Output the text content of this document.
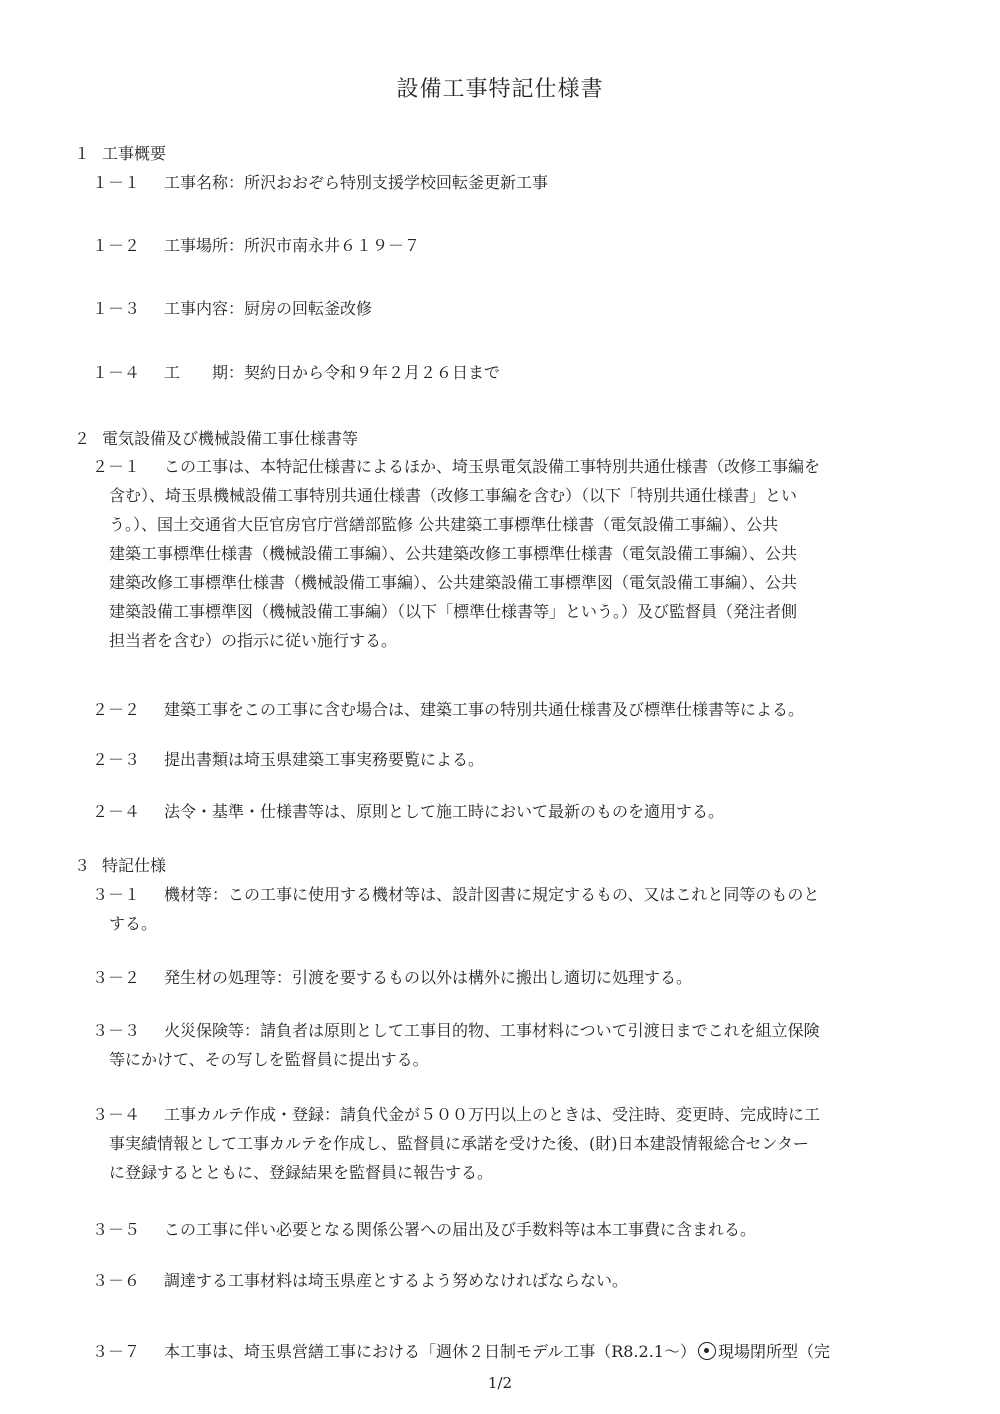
設備工事特記仕様書
１ 工事概要
１－１ 工事名称：所沢おおぞら特別支援学校回転釜更新工事
１－２ 工事場所：所沢市南永井６１９－７
１－３ 工事内容：厨房の回転釜改修
１－４ 工　　期：契約日から令和９年２月２６日まで
２ 電気設備及び機械設備工事仕様書等
２－１ この工事は、本特記仕様書によるほか、埼玉県電気設備工事特別共通仕様書（改修工事編を
含む）、埼玉県機械設備工事特別共通仕様書（改修工事編を含む）（以下「特別共通仕様書」とい
う。）、国土交通省大臣官房官庁営繕部監修 公共建築工事標準仕様書（電気設備工事編）、公共
建築工事標準仕様書（機械設備工事編）、公共建築改修工事標準仕様書（電気設備工事編）、公共
建築改修工事標準仕様書（機械設備工事編）、公共建築設備工事標準図（電気設備工事編）、公共
建築設備工事標準図（機械設備工事編）（以下「標準仕様書等」という。）及び監督員（発注者側
担当者を含む）の指示に従い施行する。
２－２ 建築工事をこの工事に含む場合は、建築工事の特別共通仕様書及び標準仕様書等による。
２－３ 提出書類は埼玉県建築工事実務要覧による。
２－４ 法令・基準・仕様書等は、原則として施工時において最新のものを適用する。
３ 特記仕様
３－１ 機材等：この工事に使用する機材等は、設計図書に規定するもの、又はこれと同等のものと
する。
３－２ 発生材の処理等：引渡を要するもの以外は構外に搬出し適切に処理する。
３－３ 火災保険等：請負者は原則として工事目的物、工事材料について引渡日までこれを組立保険
等にかけて、その写しを監督員に提出する。
３－４ 工事カルテ作成・登録：請負代金が５００万円以上のときは、受注時、変更時、完成時に工
事実績情報として工事カルテを作成し、監督員に承諾を受けた後、(財)日本建設情報総合センター
に登録するとともに、登録結果を監督員に報告する。
３－５ この工事に伴い必要となる関係公署への届出及び手数料等は本工事費に含まれる。
３－６ 調達する工事材料は埼玉県産とするよう努めなければならない。
３－７ 本工事は、埼玉県営繕工事における「週休２日制モデル工事（R8.2.1～） 現場閉所型（完
1/2
